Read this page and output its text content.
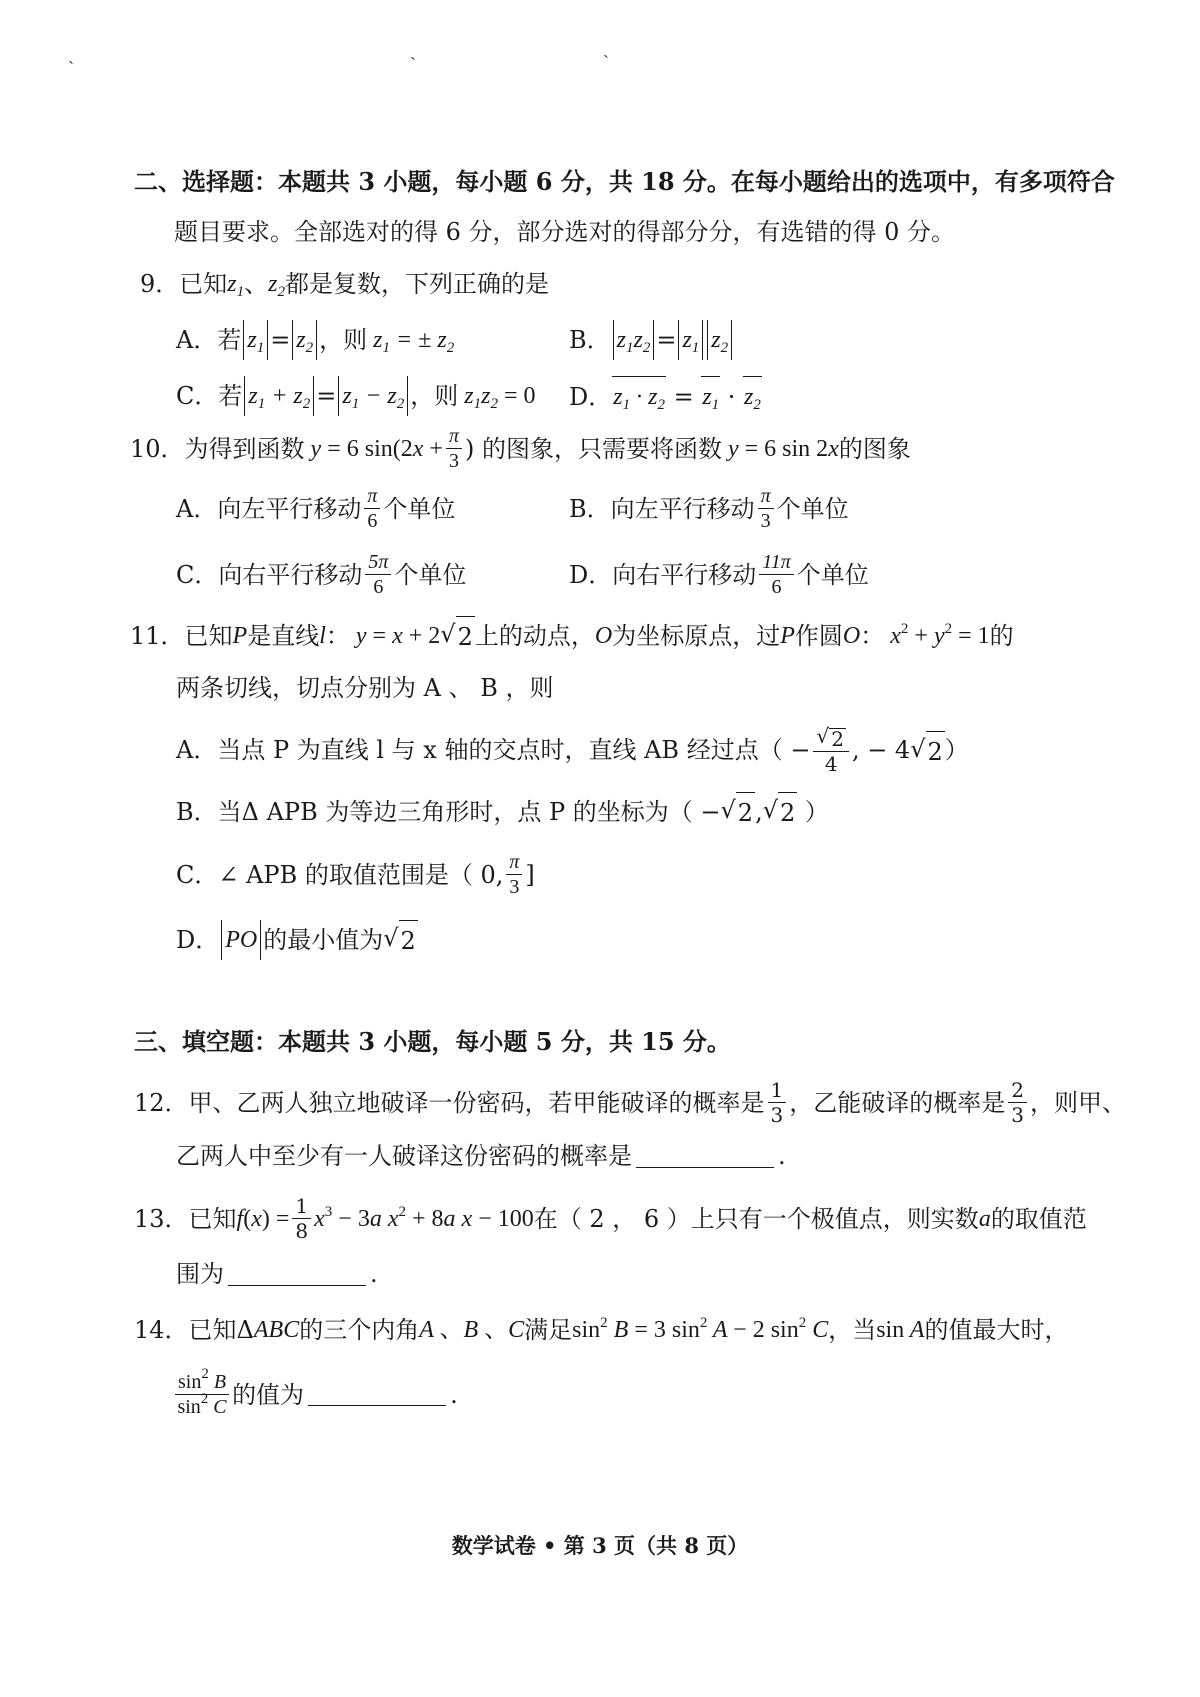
ˎ	ˎ	ˎ
二、选择题：本题共 3 小题，每小题 6 分，共 18 分。在每小题给出的选项中，有多项符合
题目要求。全部选对的得 6 分，部分选对的得部分分，有选错的得 0 分。
9．已知 $z_1$ 、 $z_2$ 都是复数，下列正确的是
A．若 $z_1 = z_2$ ，则 $z_1$ = ± $z_2$	B． $z_1z_2 = z_1$ $z_2$
C．若 $z_1 + z_2 = z_1 - z_2$ ，则 $z_1z_2 = 0$ D． $z_1 \cdot z_2 = z_1 \cdot z_2$
10． 为得到函数 y = 6 $\sin(2x + \frac{\pi}{3}$ ) 的图象，只需要将函数 y = 6 sin 2x 的图象
A．向左平行移动 $\frac{\pi}{6}$ 个单位	B．向左平行移动 $\frac{\pi}{3}$ 个单位
C．向右平行移动 $\frac{5\pi}{6}$ 个单位	D．向右平行移动 $\frac{11\pi}{6}$ 个单位
11． 已知 P 是直线 l ： y = x + 2 √ 2 上的动点， O 为坐标原点，过 P 作圆 O ： $x^2 + y^2 = 1$ 的
两条切线，切点分别为 A 、 B ，则
A．当点 P 为直线 l 与 x 轴的交点时，直线 AB 经过点 （ − $\frac{√ 2}{4}$ , − 4 √ 2 ）
B．当Δ APB 为等边三角形时，点 P 的坐标为 （ − √ 2 , √ 2 ）
C．∠ APB 的取值范围是 （ 0, $\frac{\pi}{3}$ ]
D． PO 的最小值为 √ 2
三、填空题：本题共 3 小题，每小题 5 分，共 15 分。
12．甲、乙两人独立地破译一份密码，若甲能破译的概率是 $\frac{1}{3}$ ，乙能破译的概率是 $\frac{2}{3}$ ，则甲、
乙两人中至少有一人破译这份密码的概率是	.
13．已知 $f(x) = \frac{1}{8} x^3 - 3a$ $x^2 + 8a$ x − 100 在（ 2 ， 6 ）上只有一个极值点，则实数 a 的取值范
围为	.
14．已知Δ ABC 的三个内角 A 、B 、C 满足 $\sin^2 B = 3$ $\sin^2 A - 2$ $\sin^2 C$ ，当 sin A 的值最大时，
$\frac{\sin^2 B}{\sin^2 C}$ 的值为	.
数学试卷 • 第 3 页（共 8 页）
